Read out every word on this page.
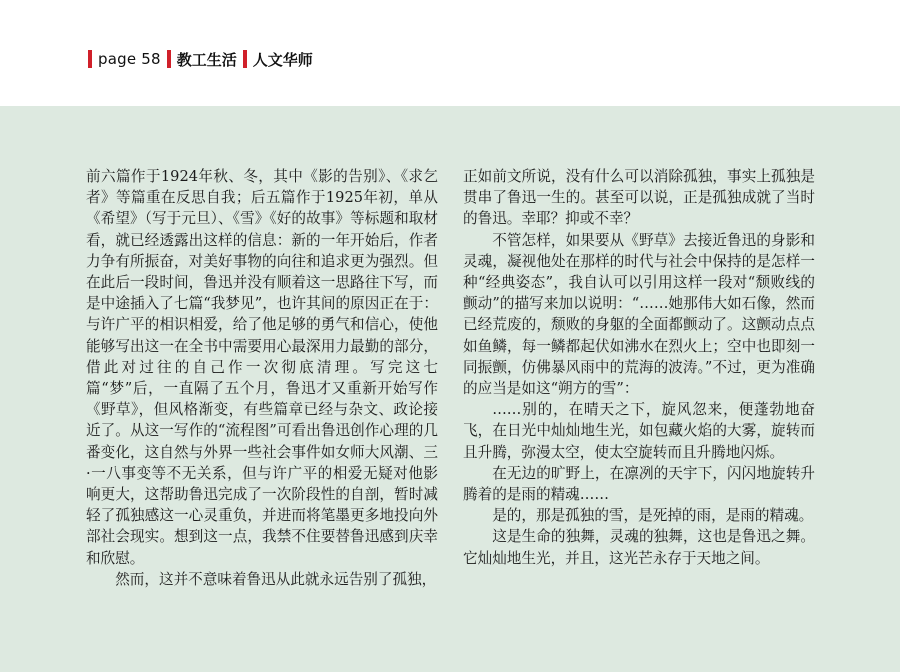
page 58 教工生活 人文华师

前六篇作于1924年秋、冬，其中《影的告别》、《求乞者》等篇重在反思自我；后五篇作于1925年初，单从《希望》（写于元旦）、《雪》《好的故事》等标题和取材看，就已经透露出这样的信息：新的一年开始后，作者力争有所振奋，对美好事物的向往和追求更为强烈。但在此后一段时间，鲁迅并没有顺着这一思路往下写，而是中途插入了七篇“我梦见”，也许其间的原因正在于：与许广平的相识相爱，给了他足够的勇气和信心，使他能够写出这一在全书中需要用心最深用力最勤的部分，借此对过往的自己作一次彻底清理。写完这七篇“梦”后，一直隔了五个月，鲁迅才又重新开始写作《野草》，但风格渐变，有些篇章已经与杂文、政论接近了。从这一写作的“流程图”可看出鲁迅创作心理的几番变化，这自然与外界一些社会事件如女师大风潮、三·一八事变等不无关系，但与许广平的相爱无疑对他影响更大，这帮助鲁迅完成了一次阶段性的自剖，暂时减轻了孤独感这一心灵重负，并进而将笔墨更多地投向外部社会现实。想到这一点，我禁不住要替鲁迅感到庆幸和欣慰。

然而，这并不意味着鲁迅从此就永远告别了孤独，

正如前文所说，没有什么可以消除孤独，事实上孤独是贯串了鲁迅一生的。甚至可以说，正是孤独成就了当时的鲁迅。幸耶？抑或不幸？

不管怎样，如果要从《野草》去接近鲁迅的身影和灵魂，凝视他处在那样的时代与社会中保持的是怎样一种“经典姿态”，我自认可以引用这样一段对“颓败线的颤动”的描写来加以说明：“……她那伟大如石像，然而已经荒废的，颓败的身躯的全面都颤动了。这颤动点点如鱼鳞，每一鳞都起伏如沸水在烈火上；空中也即刻一同振颤，仿佛暴风雨中的荒海的波涛。”不过，更为准确的应当是如这“朔方的雪”：

……别的，在晴天之下，旋风忽来，便蓬勃地奋飞，在日光中灿灿地生光，如包藏火焰的大雾，旋转而且升腾，弥漫太空，使太空旋转而且升腾地闪烁。

在无边的旷野上，在凛冽的天宇下，闪闪地旋转升腾着的是雨的精魂……

是的，那是孤独的雪，是死掉的雨，是雨的精魂。

这是生命的独舞，灵魂的独舞，这也是鲁迅之舞。它灿灿地生光，并且，这光芒永存于天地之间。
